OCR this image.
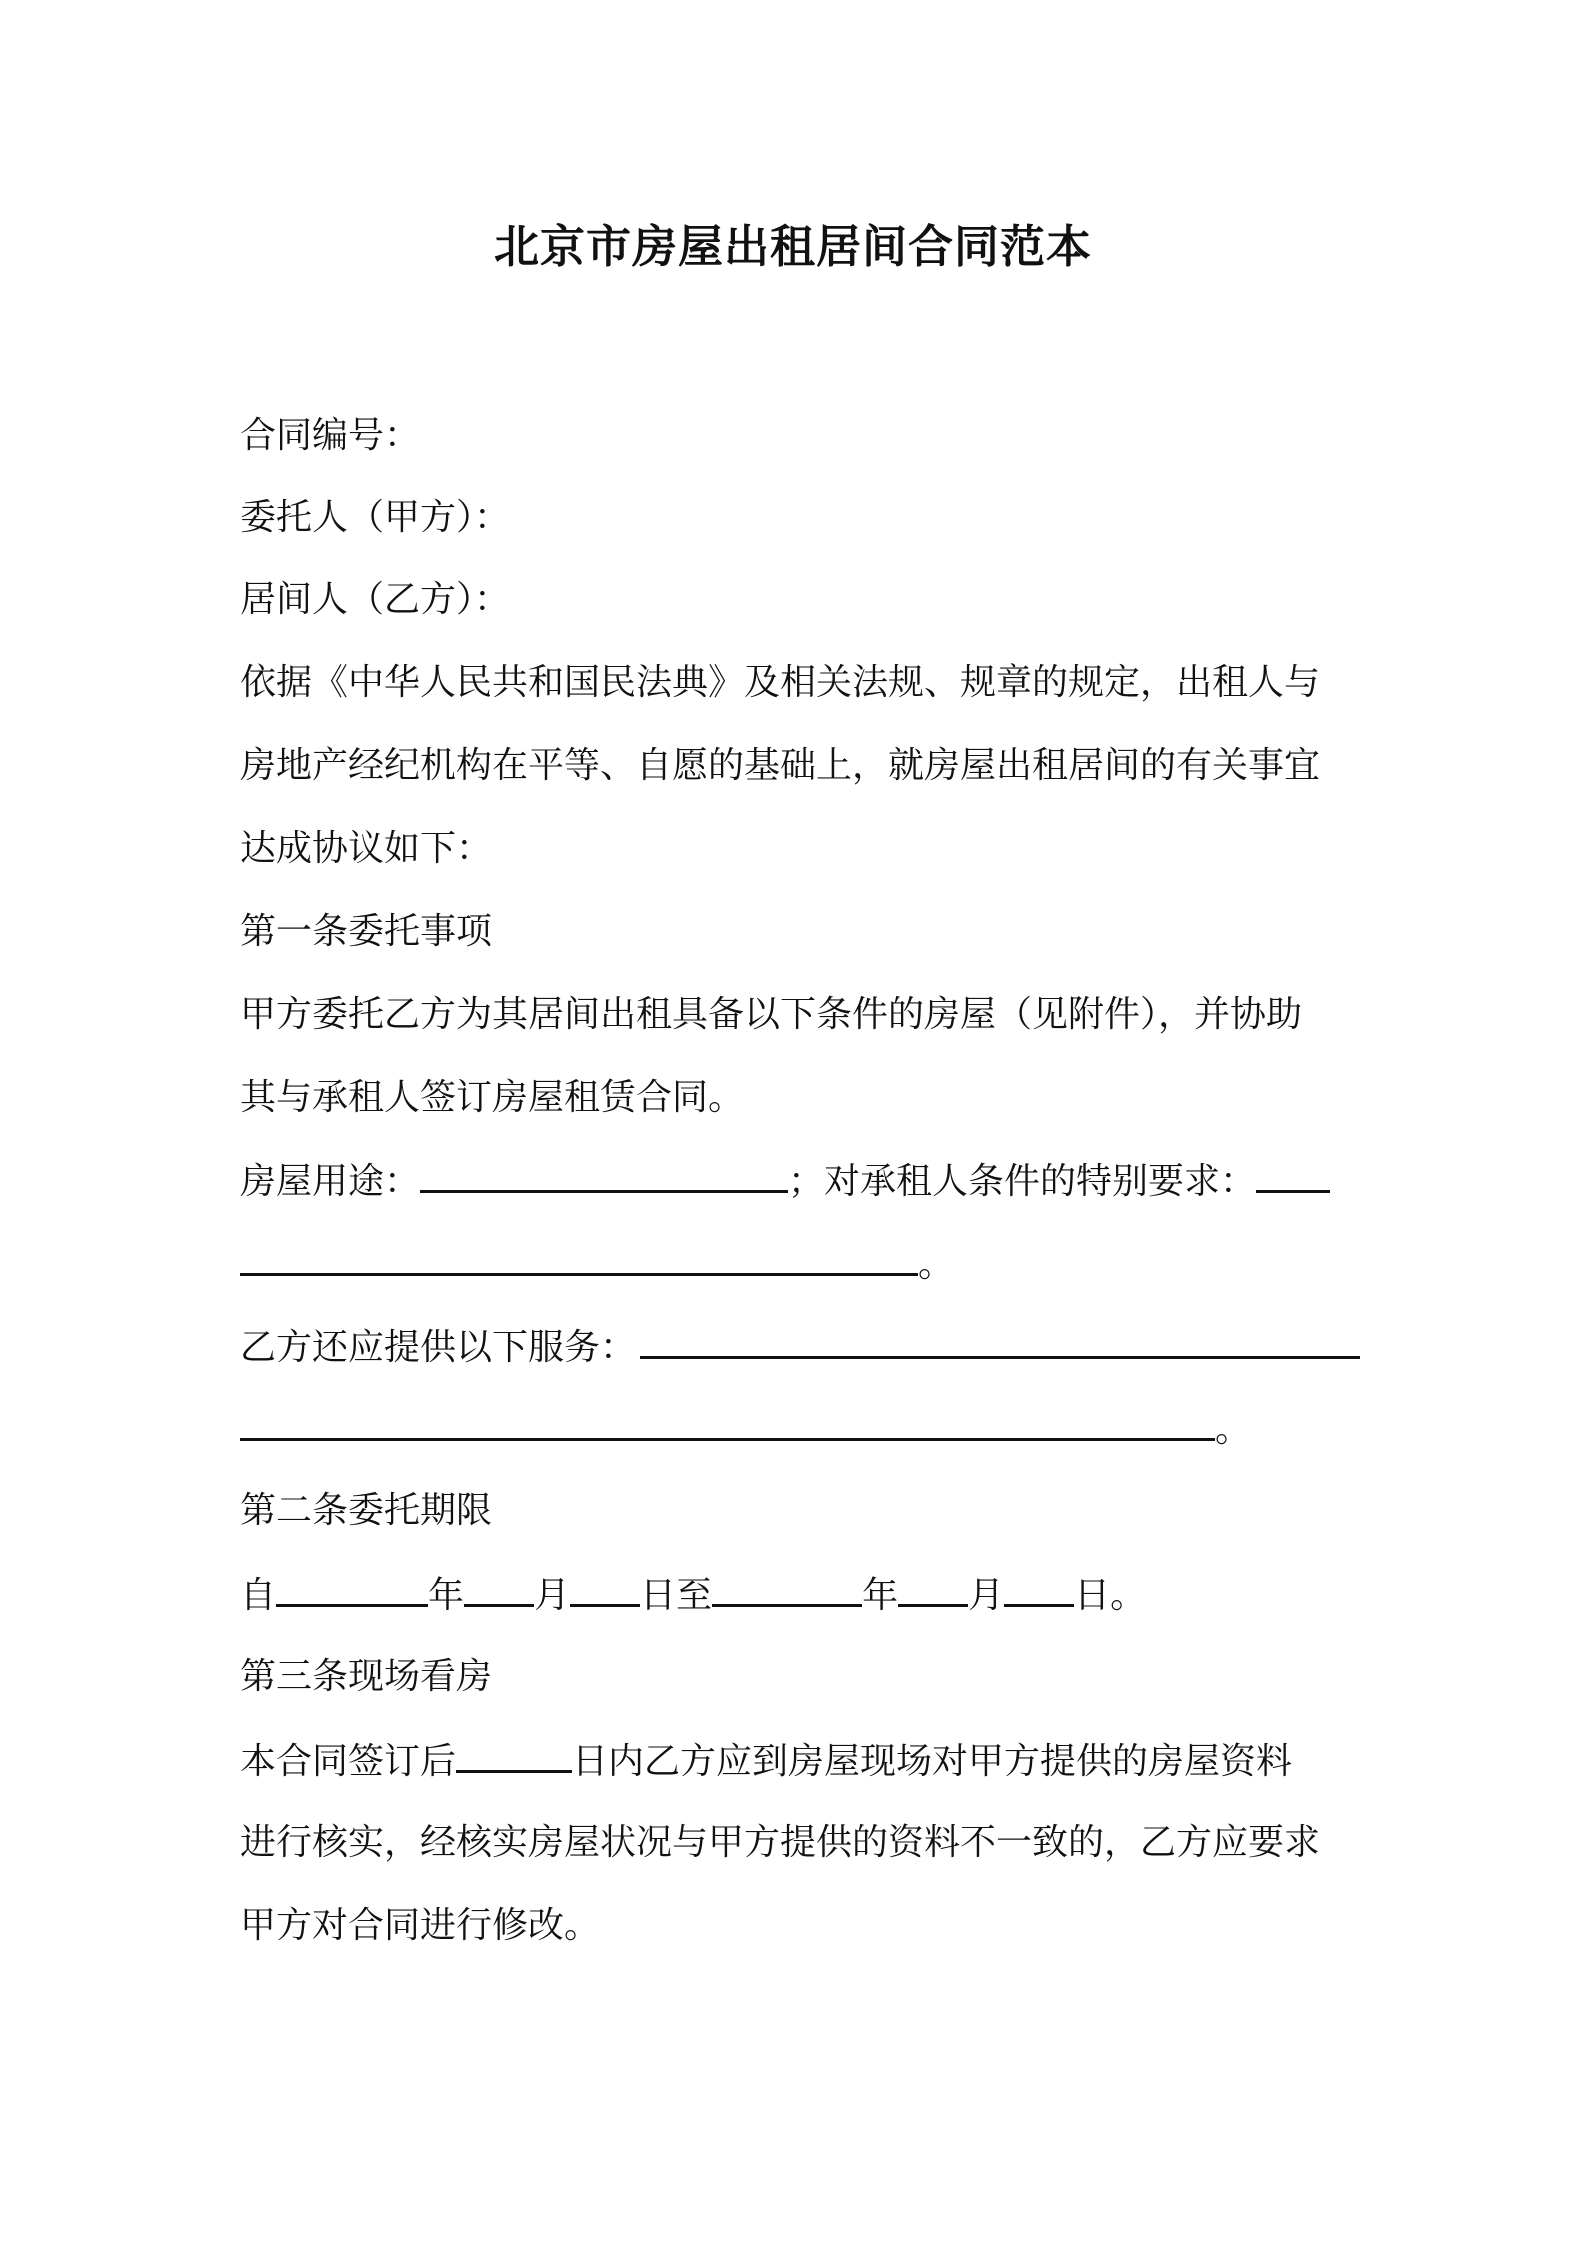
北京市房屋出租居间合同范本
合同编号：
委托人（甲方）：
居间人（乙方）：
依据《中华人民共和国民法典》及相关法规、规章的规定，出租人与
房地产经纪机构在平等、自愿的基础上，就房屋出租居间的有关事宜
达成协议如下：
第一条委托事项
甲方委托乙方为其居间出租具备以下条件的房屋（见附件），并协助
其与承租人签订房屋租赁合同。
房屋用途：	；对承租人条件的特别要求：
。
乙方还应提供以下服务：
。
第二条委托期限
自	年 月 日至	年 月 日。
第三条现场看房
本合同签订后	日内乙方应到房屋现场对甲方提供的房屋资料
进行核实，经核实房屋状况与甲方提供的资料不一致的，乙方应要求
甲方对合同进行修改。
